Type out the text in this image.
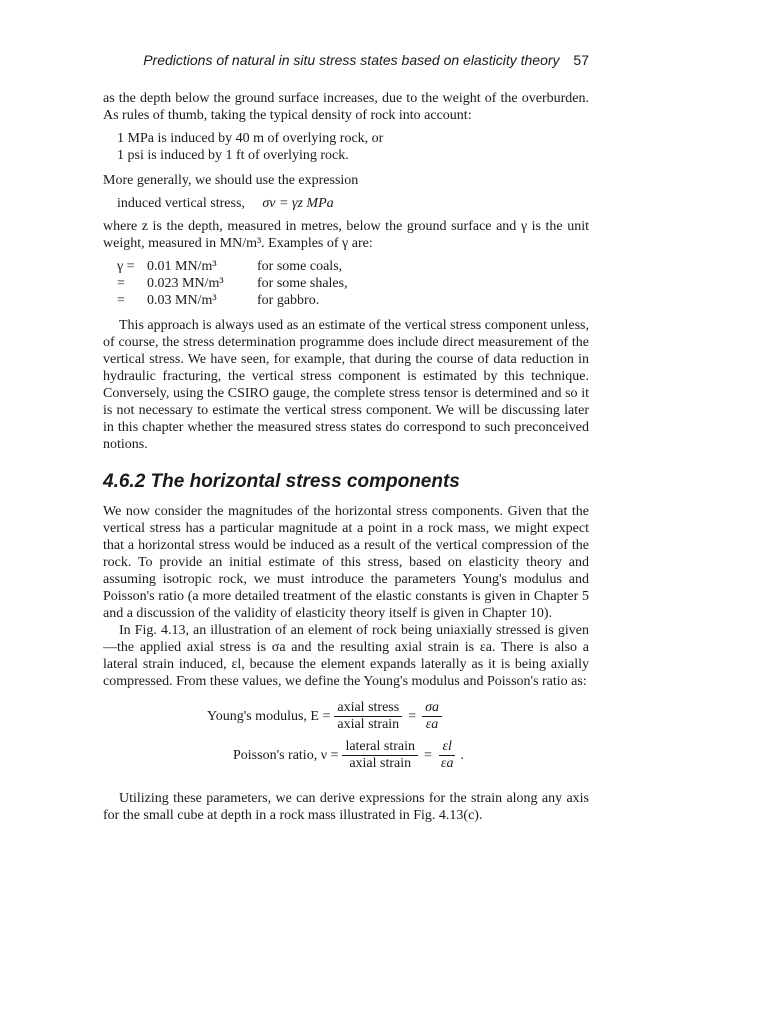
Predictions of natural in situ stress states based on elasticity theory 57

as the depth below the ground surface increases, due to the weight of the overburden. As rules of thumb, taking the typical density of rock into account:

1 MPa is induced by 40 m of overlying rock, or
1 psi is induced by 1 ft of overlying rock.

More generally, we should use the expression

induced vertical stress, σv = γz MPa

where z is the depth, measured in metres, below the ground surface and γ is the unit weight, measured in MN/m³. Examples of γ are:

γ =	0.01 MN/m³	for some coals,
=	0.023 MN/m³	for some shales,
=	0.03 MN/m³	for gabbro.

This approach is always used as an estimate of the vertical stress component unless, of course, the stress determination programme does include direct measurement of the vertical stress. We have seen, for example, that during the course of data reduction in hydraulic fracturing, the vertical stress component is estimated by this technique. Conversely, using the CSIRO gauge, the complete stress tensor is determined and so it is not necessary to estimate the vertical stress component. We will be discussing later in this chapter whether the measured stress states do correspond to such preconceived notions.

4.6.2 The horizontal stress components

We now consider the magnitudes of the horizontal stress components. Given that the vertical stress has a particular magnitude at a point in a rock mass, we might expect that a horizontal stress would be induced as a result of the vertical compression of the rock. To provide an initial estimate of this stress, based on elasticity theory and assuming isotropic rock, we must introduce the parameters Young's modulus and Poisson's ratio (a more detailed treatment of the elastic constants is given in Chapter 5 and a discussion of the validity of elasticity theory itself is given in Chapter 10).

In Fig. 4.13, an illustration of an element of rock being uniaxially stressed is given—the applied axial stress is σa and the resulting axial strain is εa. There is also a lateral strain induced, εl, because the element expands laterally as it is being axially compressed. From these values, we define the Young's modulus and Poisson's ratio as:

Young's modulus, $E = \frac{\text{axial stress}}{\text{axial strain}} = \frac{\sigma a}{\varepsilon a}$
Poisson's ratio, $\nu = \frac{\text{lateral strain}}{\text{axial strain}} = \frac{\varepsilon l}{\varepsilon a}$ .

Utilizing these parameters, we can derive expressions for the strain along any axis for the small cube at depth in a rock mass illustrated in Fig. 4.13(c).
